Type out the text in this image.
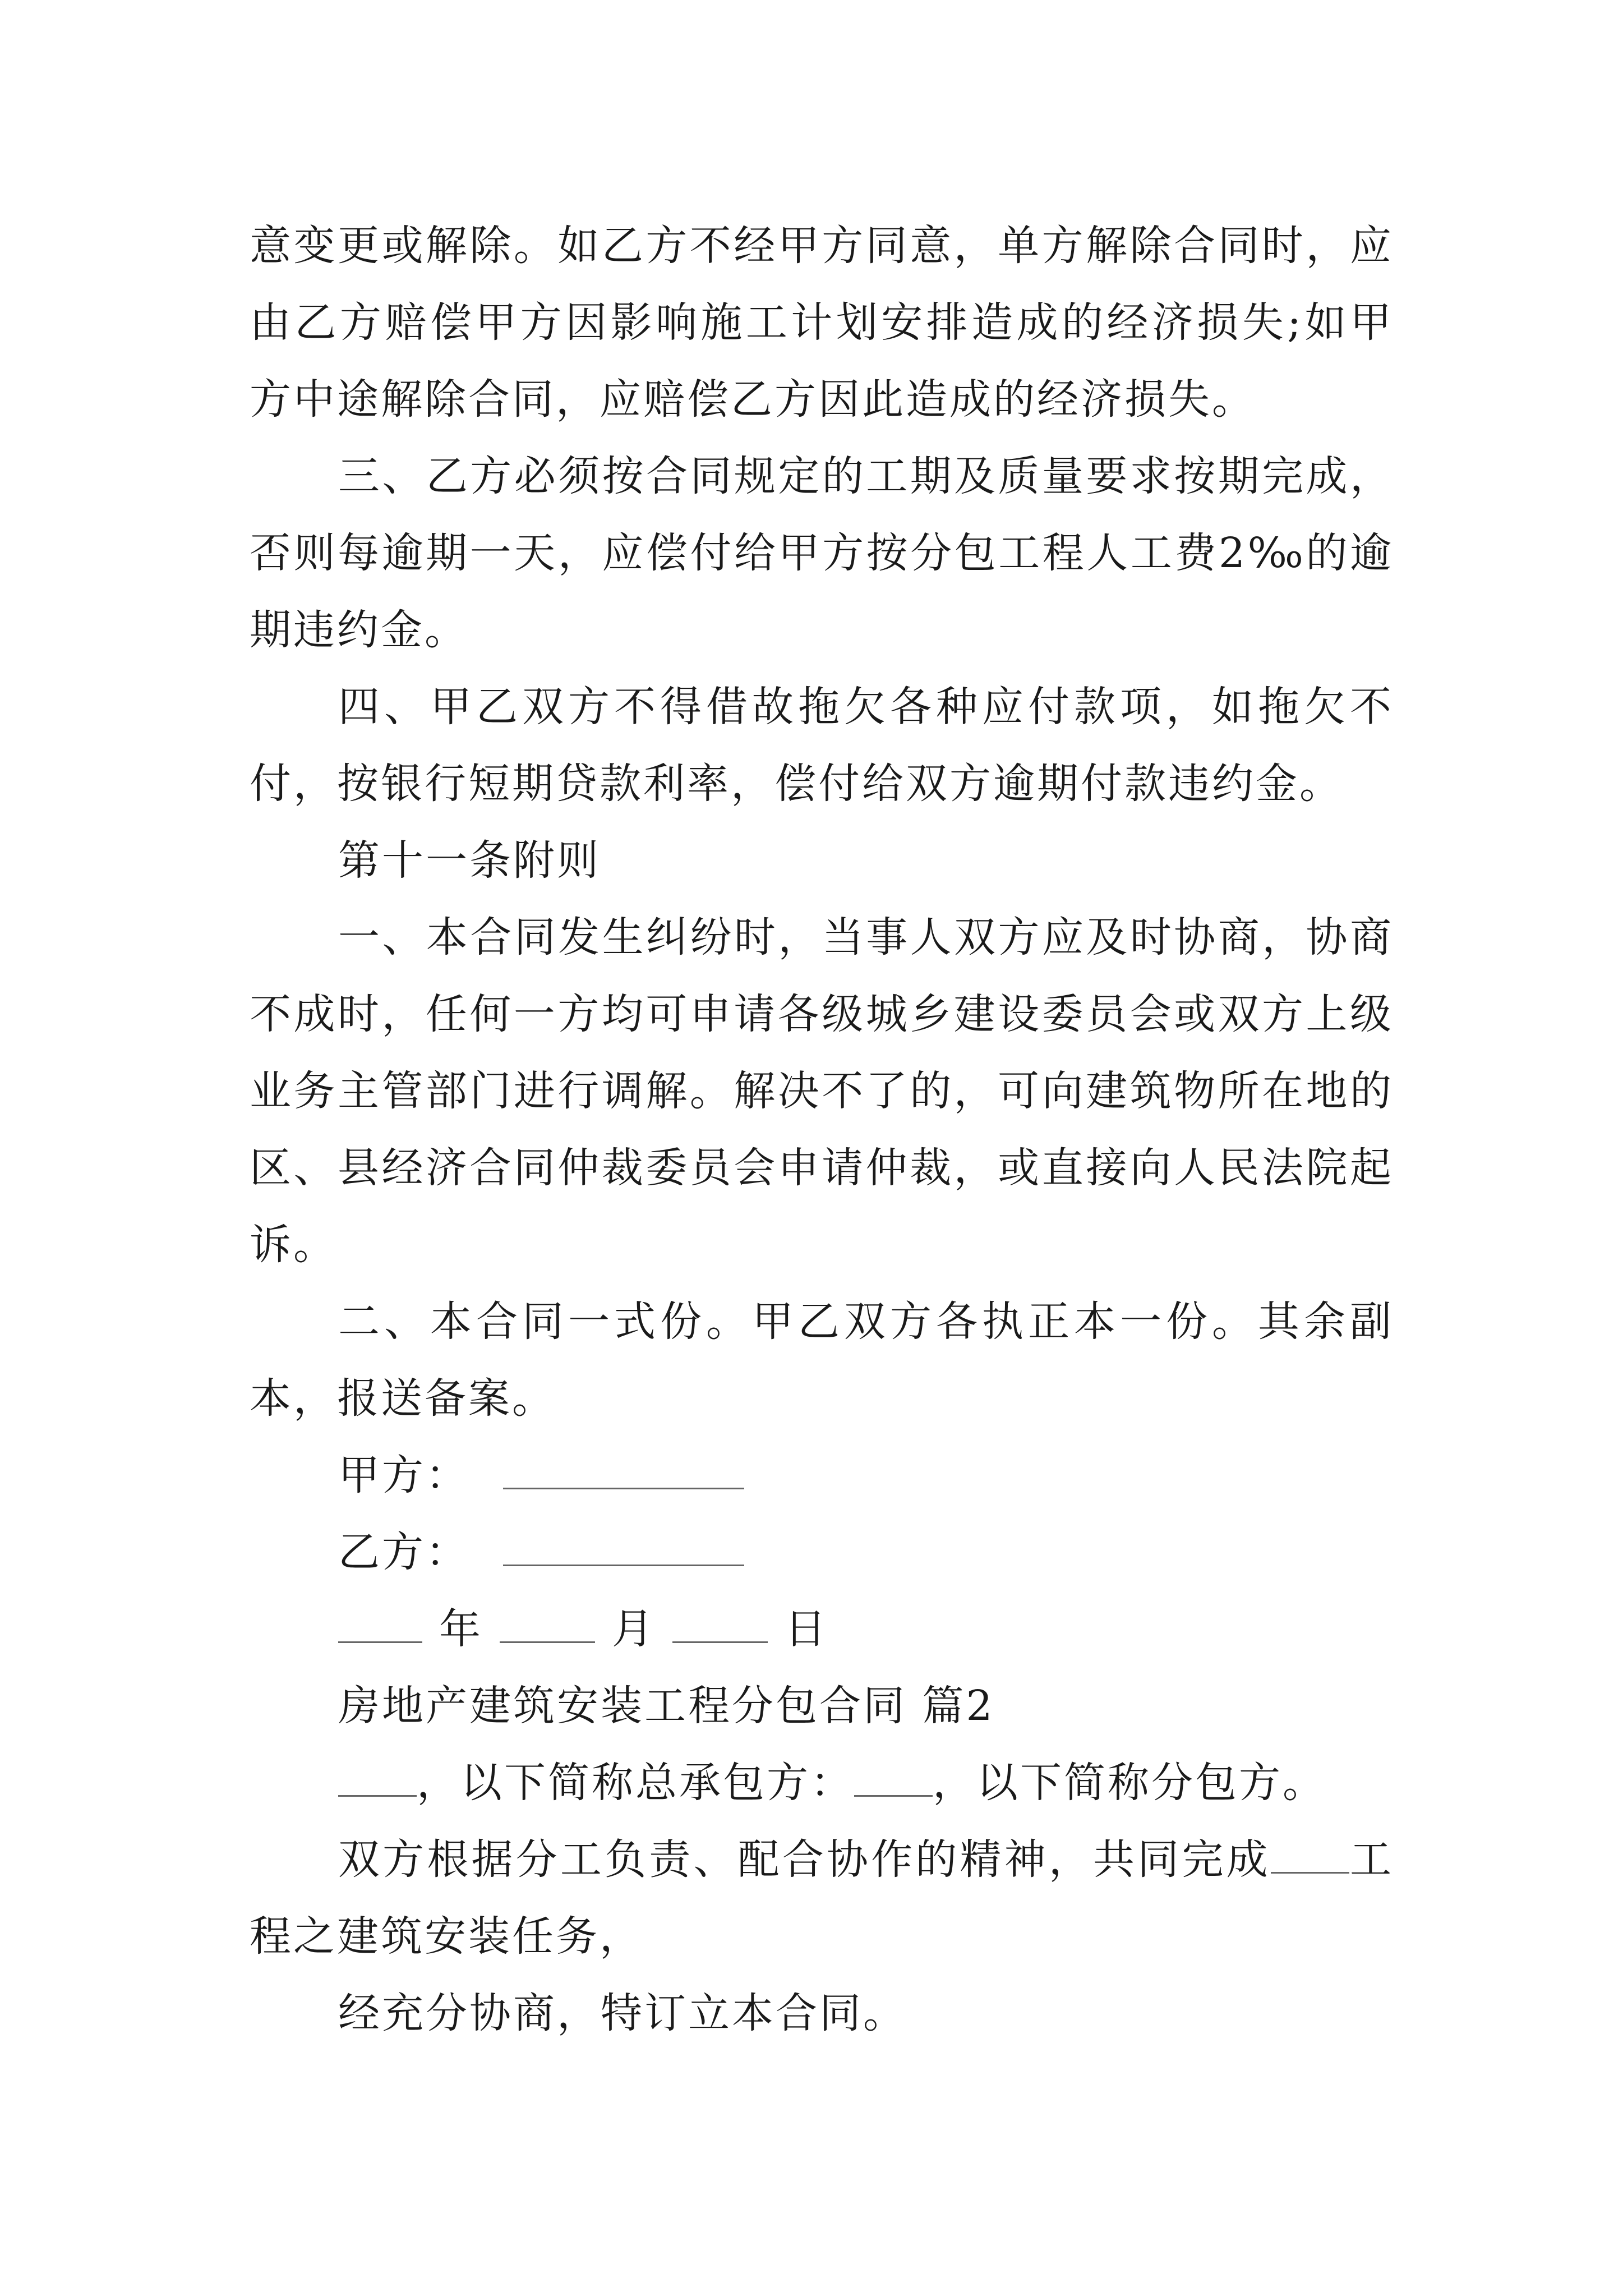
意变更或解除。如乙方不经甲方同意，单方解除合同时，应由乙方赔偿甲方因影响施工计划安排造成的经济损失;如甲方中途解除合同，应赔偿乙方因此造成的经济损失。

三、乙方必须按合同规定的工期及质量要求按期完成，否则每逾期一天，应偿付给甲方按分包工程人工费2‰的逾期违约金。

四、甲乙双方不得借故拖欠各种应付款项，如拖欠不付，按银行短期贷款利率，偿付给双方逾期付款违约金。

第十一条附则

一、本合同发生纠纷时，当事人双方应及时协商，协商不成时，任何一方均可申请各级城乡建设委员会或双方上级业务主管部门进行调解。解决不了的，可向建筑物所在地的区、县经济合同仲裁委员会申请仲裁，或直接向人民法院起诉。

二、本合同一式份。甲乙双方各执正本一份。其余副本，报送备案。

甲方：

乙方：

年	月	日

房地产建筑安装工程分包合同 篇2

，以下简称总承包方： ，以下简称分包方。

双方根据分工负责、配合协作的精神，共同完成 工程之建筑安装任务，

经充分协商，特订立本合同。
